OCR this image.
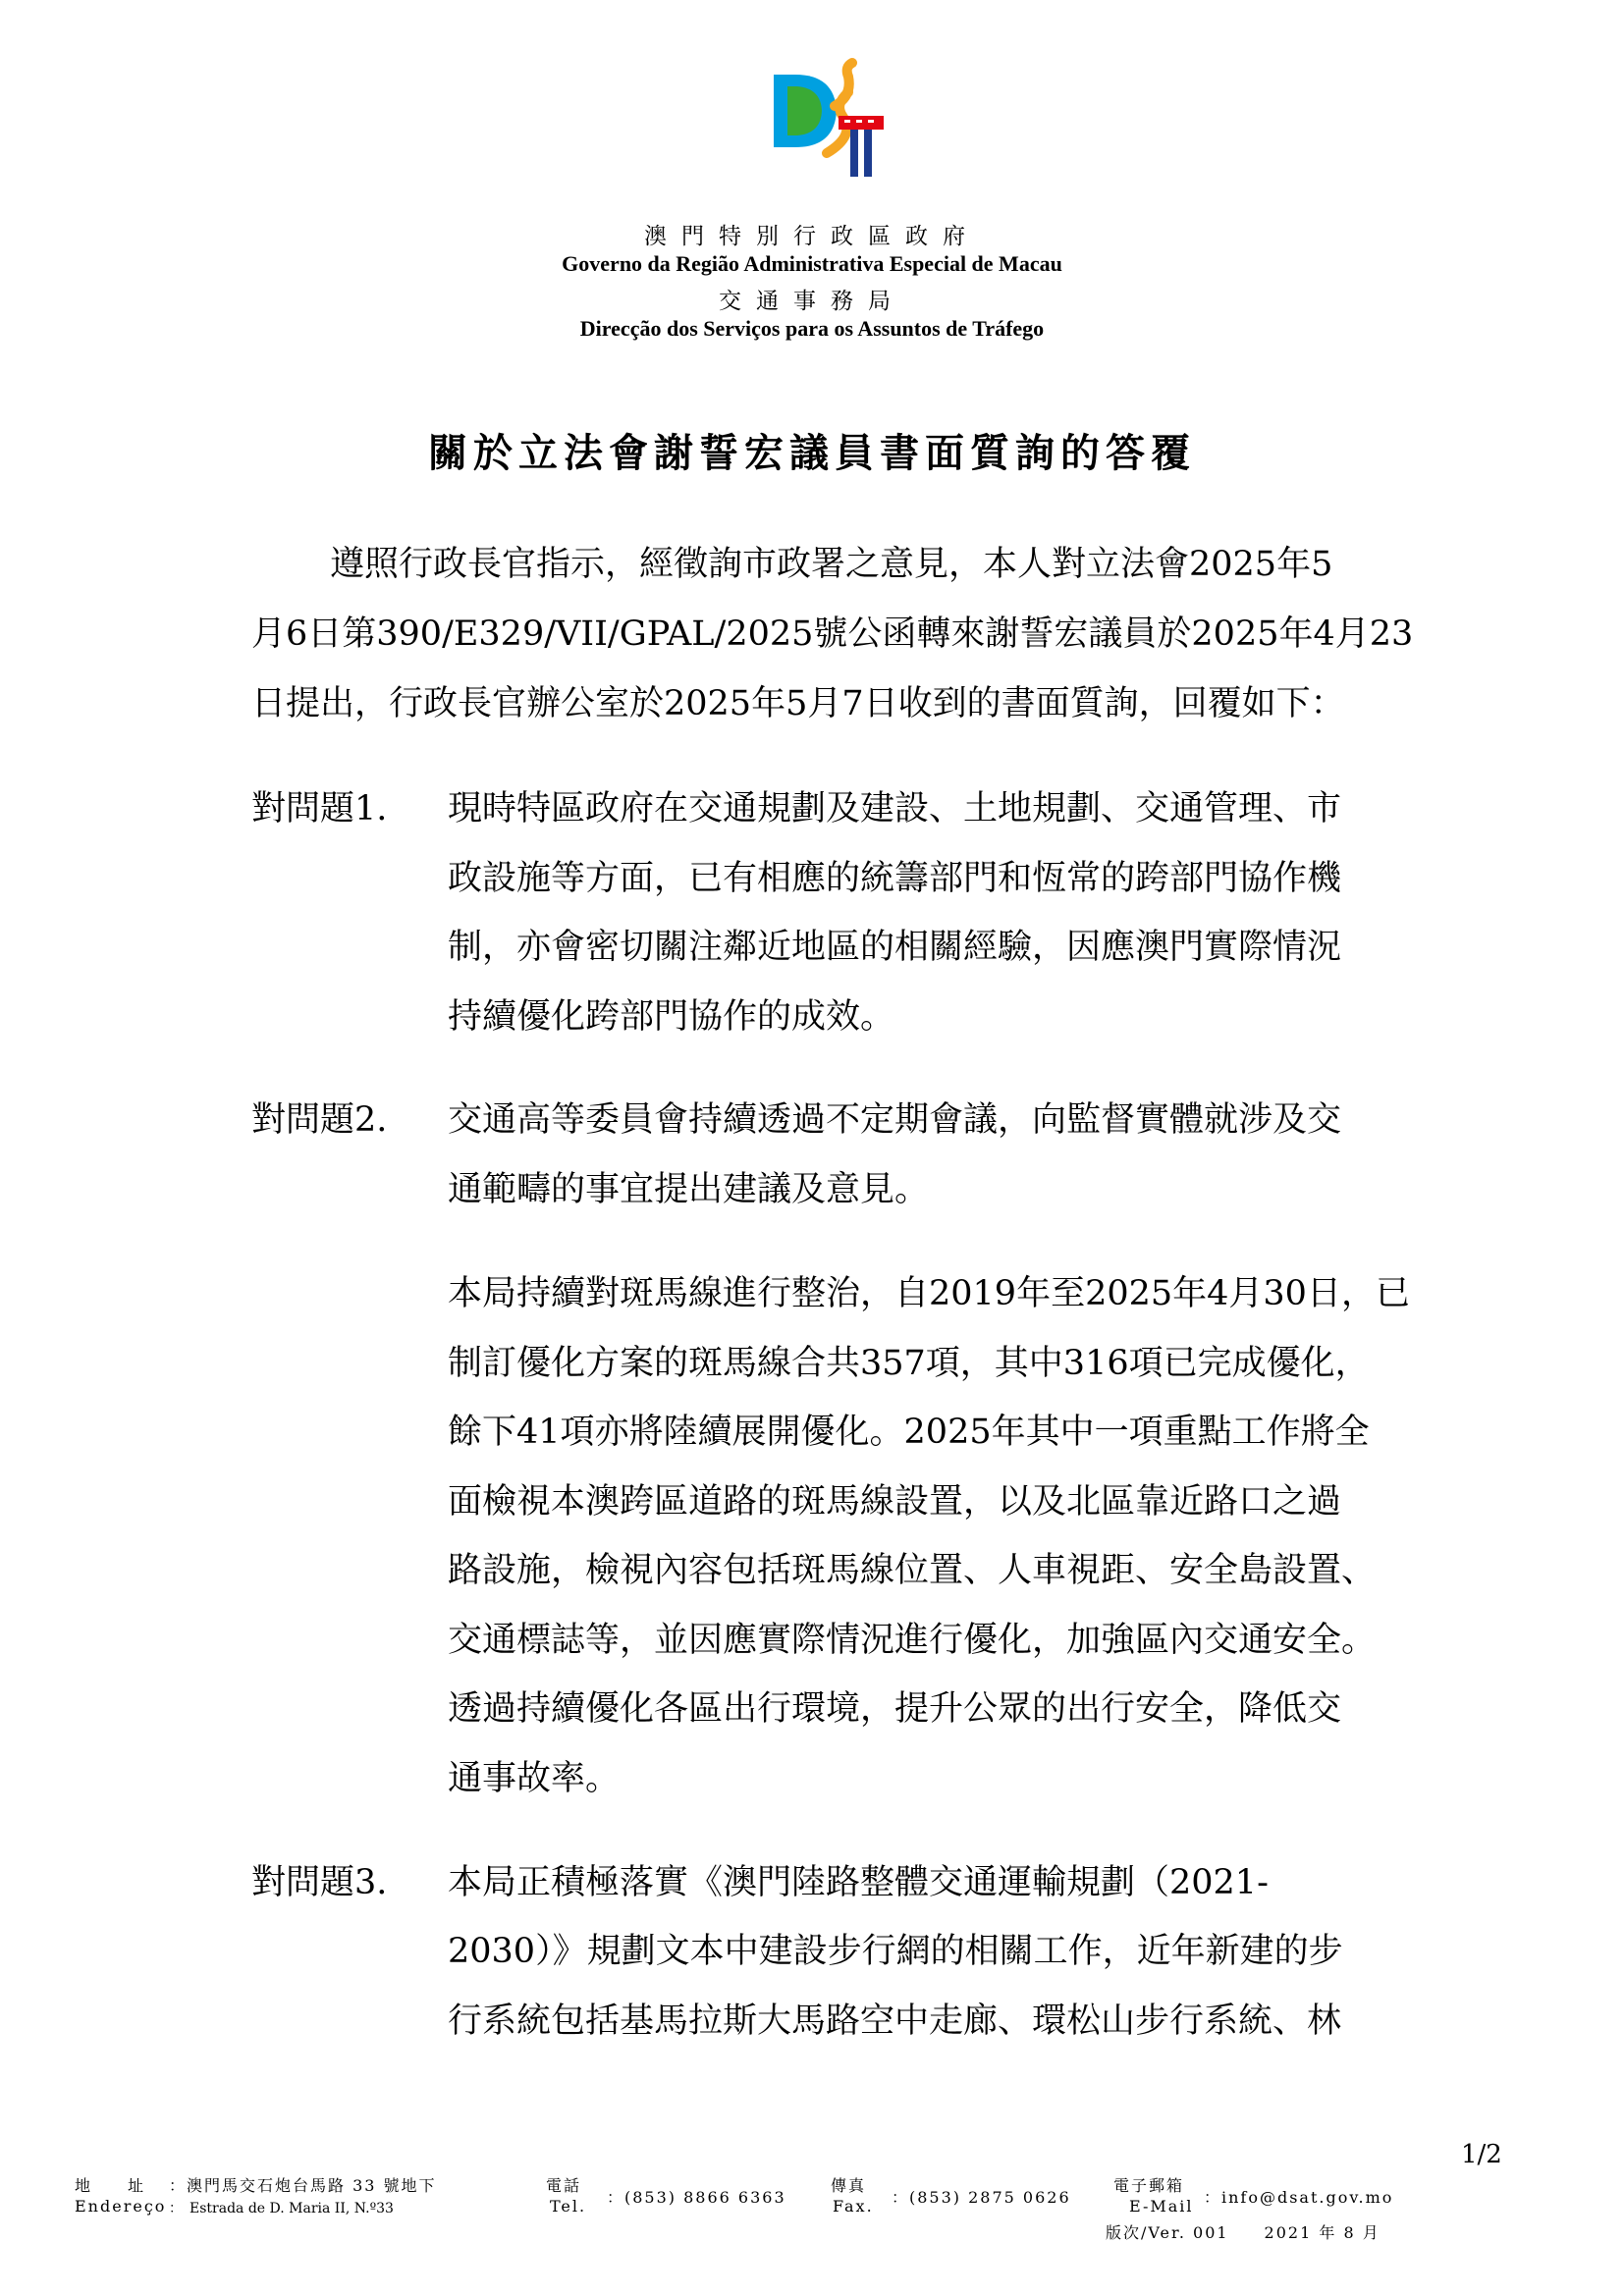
澳門特別行政區政府
Governo da Região Administrativa Especial de Macau
交通事務局
Direcção dos Serviços para os Assuntos de Tráfego
關於立法會謝誓宏議員書面質詢的答覆
遵照行政長官指示，經徵詢市政署之意見，本人對立法會2025年5
月6日第390/E329/VII/GPAL/2025號公函轉來謝誓宏議員於2025年4月23
日提出，行政長官辦公室於2025年5月7日收到的書面質詢，回覆如下：
對問題1. 現時特區政府在交通規劃及建設、土地規劃、交通管理、市
政設施等方面，已有相應的統籌部門和恆常的跨部門協作機
制，亦會密切關注鄰近地區的相關經驗，因應澳門實際情況
持續優化跨部門協作的成效。
對問題2. 交通高等委員會持續透過不定期會議，向監督實體就涉及交
通範疇的事宜提出建議及意見。
本局持續對斑馬線進行整治，自2019年至2025年4月30日，已
制訂優化方案的斑馬線合共357項，其中316項已完成優化，
餘下41項亦將陸續展開優化。2025年其中一項重點工作將全
面檢視本澳跨區道路的斑馬線設置，以及北區靠近路口之過
路設施，檢視內容包括斑馬線位置、人車視距、安全島設置、
交通標誌等，並因應實際情況進行優化，加強區內交通安全。
透過持續優化各區出行環境，提升公眾的出行安全，降低交
通事故率。
對問題3. 本局正積極落實《澳門陸路整體交通運輸規劃（2021-
2030）》規劃文本中建設步行網的相關工作，近年新建的步
行系統包括基馬拉斯大馬路空中走廊、環松山步行系統、林
1/2
地　　址 ：澳門馬交石炮台馬路 33 號地下
Endereço ：　Estrada de D. Maria II, N.º33
電話
Tel. ：(853) 8866 6363
傳真
Fax. ：(853) 2875 0626
電子郵箱
E-Mail ：info@dsat.gov.mo
版次/Ver. 001　　2021 年 8 月
